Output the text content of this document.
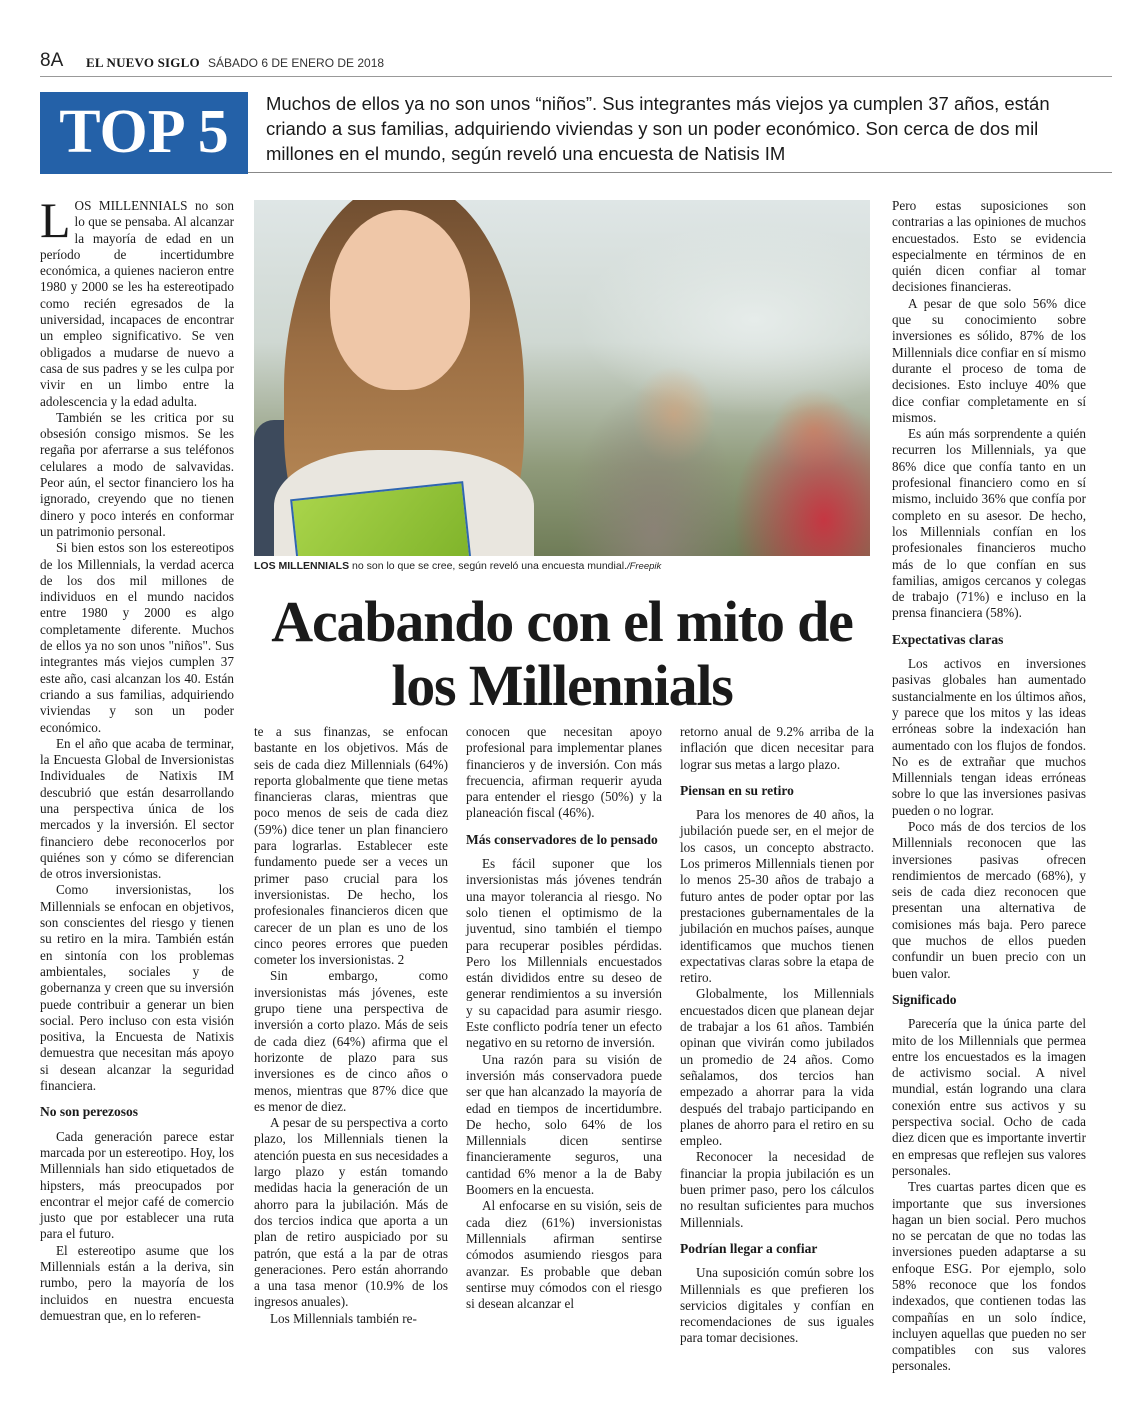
8A EL NUEVO SIGLO SÁBADO 6 DE ENERO DE 2018
TOP 5	Muchos de ellos ya no son unos “niños”. Sus integrantes más viejos ya cumplen 37 años, están criando a sus familias, adquiriendo viviendas y son un poder económico. Son cerca de dos mil millones en el mundo, según reveló una encuesta de Natisis IM

LOS MILLENNIALS no son lo que se pensaba. Al alcanzar la mayoría de edad en un período de incertidumbre económica, a quienes nacieron entre 1980 y 2000 se les ha estereotipado como recién egresados de la universidad, incapaces de encontrar un empleo significativo. Se ven obligados a mudarse de nuevo a casa de sus padres y se les culpa por vivir en un limbo entre la adolescencia y la edad adulta.

También se les critica por su obsesión consigo mismos. Se les regaña por aferrarse a sus teléfonos celulares a modo de salvavidas. Peor aún, el sector financiero los ha ignorado, creyendo que no tienen dinero y poco interés en conformar un patrimonio personal.

Si bien estos son los estereotipos de los Millennials, la verdad acerca de los dos mil millones de individuos en el mundo nacidos entre 1980 y 2000 es algo completamente diferente. Muchos de ellos ya no son unos "niños". Sus integrantes más viejos cumplen 37 este año, casi alcanzan los 40. Están criando a sus familias, adquiriendo viviendas y son un poder económico.

En el año que acaba de terminar, la Encuesta Global de Inversionistas Individuales de Natixis IM descubrió que están desarrollando una perspectiva única de los mercados y la inversión. El sector financiero debe reconocerlos por quiénes son y cómo se diferencian de otros inversionistas.

Como inversionistas, los Millennials se enfocan en objetivos, son conscientes del riesgo y tienen su retiro en la mira. También están en sintonía con los problemas ambientales, sociales y de gobernanza y creen que su inversión puede contribuir a generar un bien social. Pero incluso con esta visión positiva, la Encuesta de Natixis demuestra que necesitan más apoyo si desean alcanzar la seguridad financiera.

No son perezosos

Cada generación parece estar marcada por un estereotipo. Hoy, los Millennials han sido etiquetados de hipsters, más preocupados por encontrar el mejor café de comercio justo que por establecer una ruta para el futuro.

El estereotipo asume que los Millennials están a la deriva, sin rumbo, pero la mayoría de los incluidos en nuestra encuesta demuestran que, en lo referen-

LOS MILLENNIALS no son lo que se cree, según reveló una encuesta mundial./Freepik
Acabando con el mito de los Millennials

te a sus finanzas, se enfocan bastante en los objetivos. Más de seis de cada diez Millennials (64%) reporta globalmente que tiene metas financieras claras, mientras que poco menos de seis de cada diez (59%) dice tener un plan financiero para lograrlas. Establecer este fundamento puede ser a veces un primer paso crucial para los inversionistas. De hecho, los profesionales financieros dicen que carecer de un plan es uno de los cinco peores errores que pueden cometer los inversionistas. 2

Sin embargo, como inversionistas más jóvenes, este grupo tiene una perspectiva de inversión a corto plazo. Más de seis de cada diez (64%) afirma que el horizonte de plazo para sus inversiones es de cinco años o menos, mientras que 87% dice que es menor de diez.

A pesar de su perspectiva a corto plazo, los Millennials tienen la atención puesta en sus necesidades a largo plazo y están tomando medidas hacia la generación de un ahorro para la jubilación. Más de dos tercios indica que aporta a un plan de retiro auspiciado por su patrón, que está a la par de otras generaciones. Pero están ahorrando a una tasa menor (10.9% de los ingresos anuales).

Los Millennials también re-

conocen que necesitan apoyo profesional para implementar planes financieros y de inversión. Con más frecuencia, afirman requerir ayuda para entender el riesgo (50%) y la planeación fiscal (46%).

Más conservadores de lo pensado

Es fácil suponer que los inversionistas más jóvenes tendrán una mayor tolerancia al riesgo. No solo tienen el optimismo de la juventud, sino también el tiempo para recuperar posibles pérdidas. Pero los Millennials encuestados están divididos entre su deseo de generar rendimientos a su inversión y su capacidad para asumir riesgo. Este conflicto podría tener un efecto negativo en su retorno de inversión.

Una razón para su visión de inversión más conservadora puede ser que han alcanzado la mayoría de edad en tiempos de incertidumbre. De hecho, solo 64% de los Millennials dicen sentirse financieramente seguros, una cantidad 6% menor a la de Baby Boomers en la encuesta.

Al enfocarse en su visión, seis de cada diez (61%) inversionistas Millennials afirman sentirse cómodos asumiendo riesgos para avanzar. Es probable que deban sentirse muy cómodos con el riesgo si desean alcanzar el

retorno anual de 9.2% arriba de la inflación que dicen necesitar para lograr sus metas a largo plazo.

Piensan en su retiro

Para los menores de 40 años, la jubilación puede ser, en el mejor de los casos, un concepto abstracto. Los primeros Millennials tienen por lo menos 25-30 años de trabajo a futuro antes de poder optar por las prestaciones gubernamentales de la jubilación en muchos países, aunque identificamos que muchos tienen expectativas claras sobre la etapa de retiro.

Globalmente, los Millennials encuestados dicen que planean dejar de trabajar a los 61 años. También opinan que vivirán como jubilados un promedio de 24 años. Como señalamos, dos tercios han empezado a ahorrar para la vida después del trabajo participando en planes de ahorro para el retiro en su empleo.

Reconocer la necesidad de financiar la propia jubilación es un buen primer paso, pero los cálculos no resultan suficientes para muchos Millennials.

Podrían llegar a confiar

Una suposición común sobre los Millennials es que prefieren los servicios digitales y confían en recomendaciones de sus iguales para tomar decisiones.

Pero estas suposiciones son contrarias a las opiniones de muchos encuestados. Esto se evidencia especialmente en términos de en quién dicen confiar al tomar decisiones financieras.

A pesar de que solo 56% dice que su conocimiento sobre inversiones es sólido, 87% de los Millennials dice confiar en sí mismo durante el proceso de toma de decisiones. Esto incluye 40% que dice confiar completamente en sí mismos.

Es aún más sorprendente a quién recurren los Millennials, ya que 86% dice que confía tanto en un profesional financiero como en sí mismo, incluido 36% que confía por completo en su asesor. De hecho, los Millennials confían en los profesionales financieros mucho más de lo que confían en sus familias, amigos cercanos y colegas de trabajo (71%) e incluso en la prensa financiera (58%).

Expectativas claras

Los activos en inversiones pasivas globales han aumentado sustancialmente en los últimos años, y parece que los mitos y las ideas erróneas sobre la indexación han aumentado con los flujos de fondos. No es de extrañar que muchos Millennials tengan ideas erróneas sobre lo que las inversiones pasivas pueden o no lograr.

Poco más de dos tercios de los Millennials reconocen que las inversiones pasivas ofrecen rendimientos de mercado (68%), y seis de cada diez reconocen que presentan una alternativa de comisiones más baja. Pero parece que muchos de ellos pueden confundir un buen precio con un buen valor.

Significado

Parecería que la única parte del mito de los Millennials que permea entre los encuestados es la imagen de activismo social. A nivel mundial, están logrando una clara conexión entre sus activos y su perspectiva social. Ocho de cada diez dicen que es importante invertir en empresas que reflejen sus valores personales.

Tres cuartas partes dicen que es importante que sus inversiones hagan un bien social. Pero muchos no se percatan de que no todas las inversiones pueden adaptarse a su enfoque ESG. Por ejemplo, solo 58% reconoce que los fondos indexados, que contienen todas las compañías en un solo índice, incluyen aquellas que pueden no ser compatibles con sus valores personales.
